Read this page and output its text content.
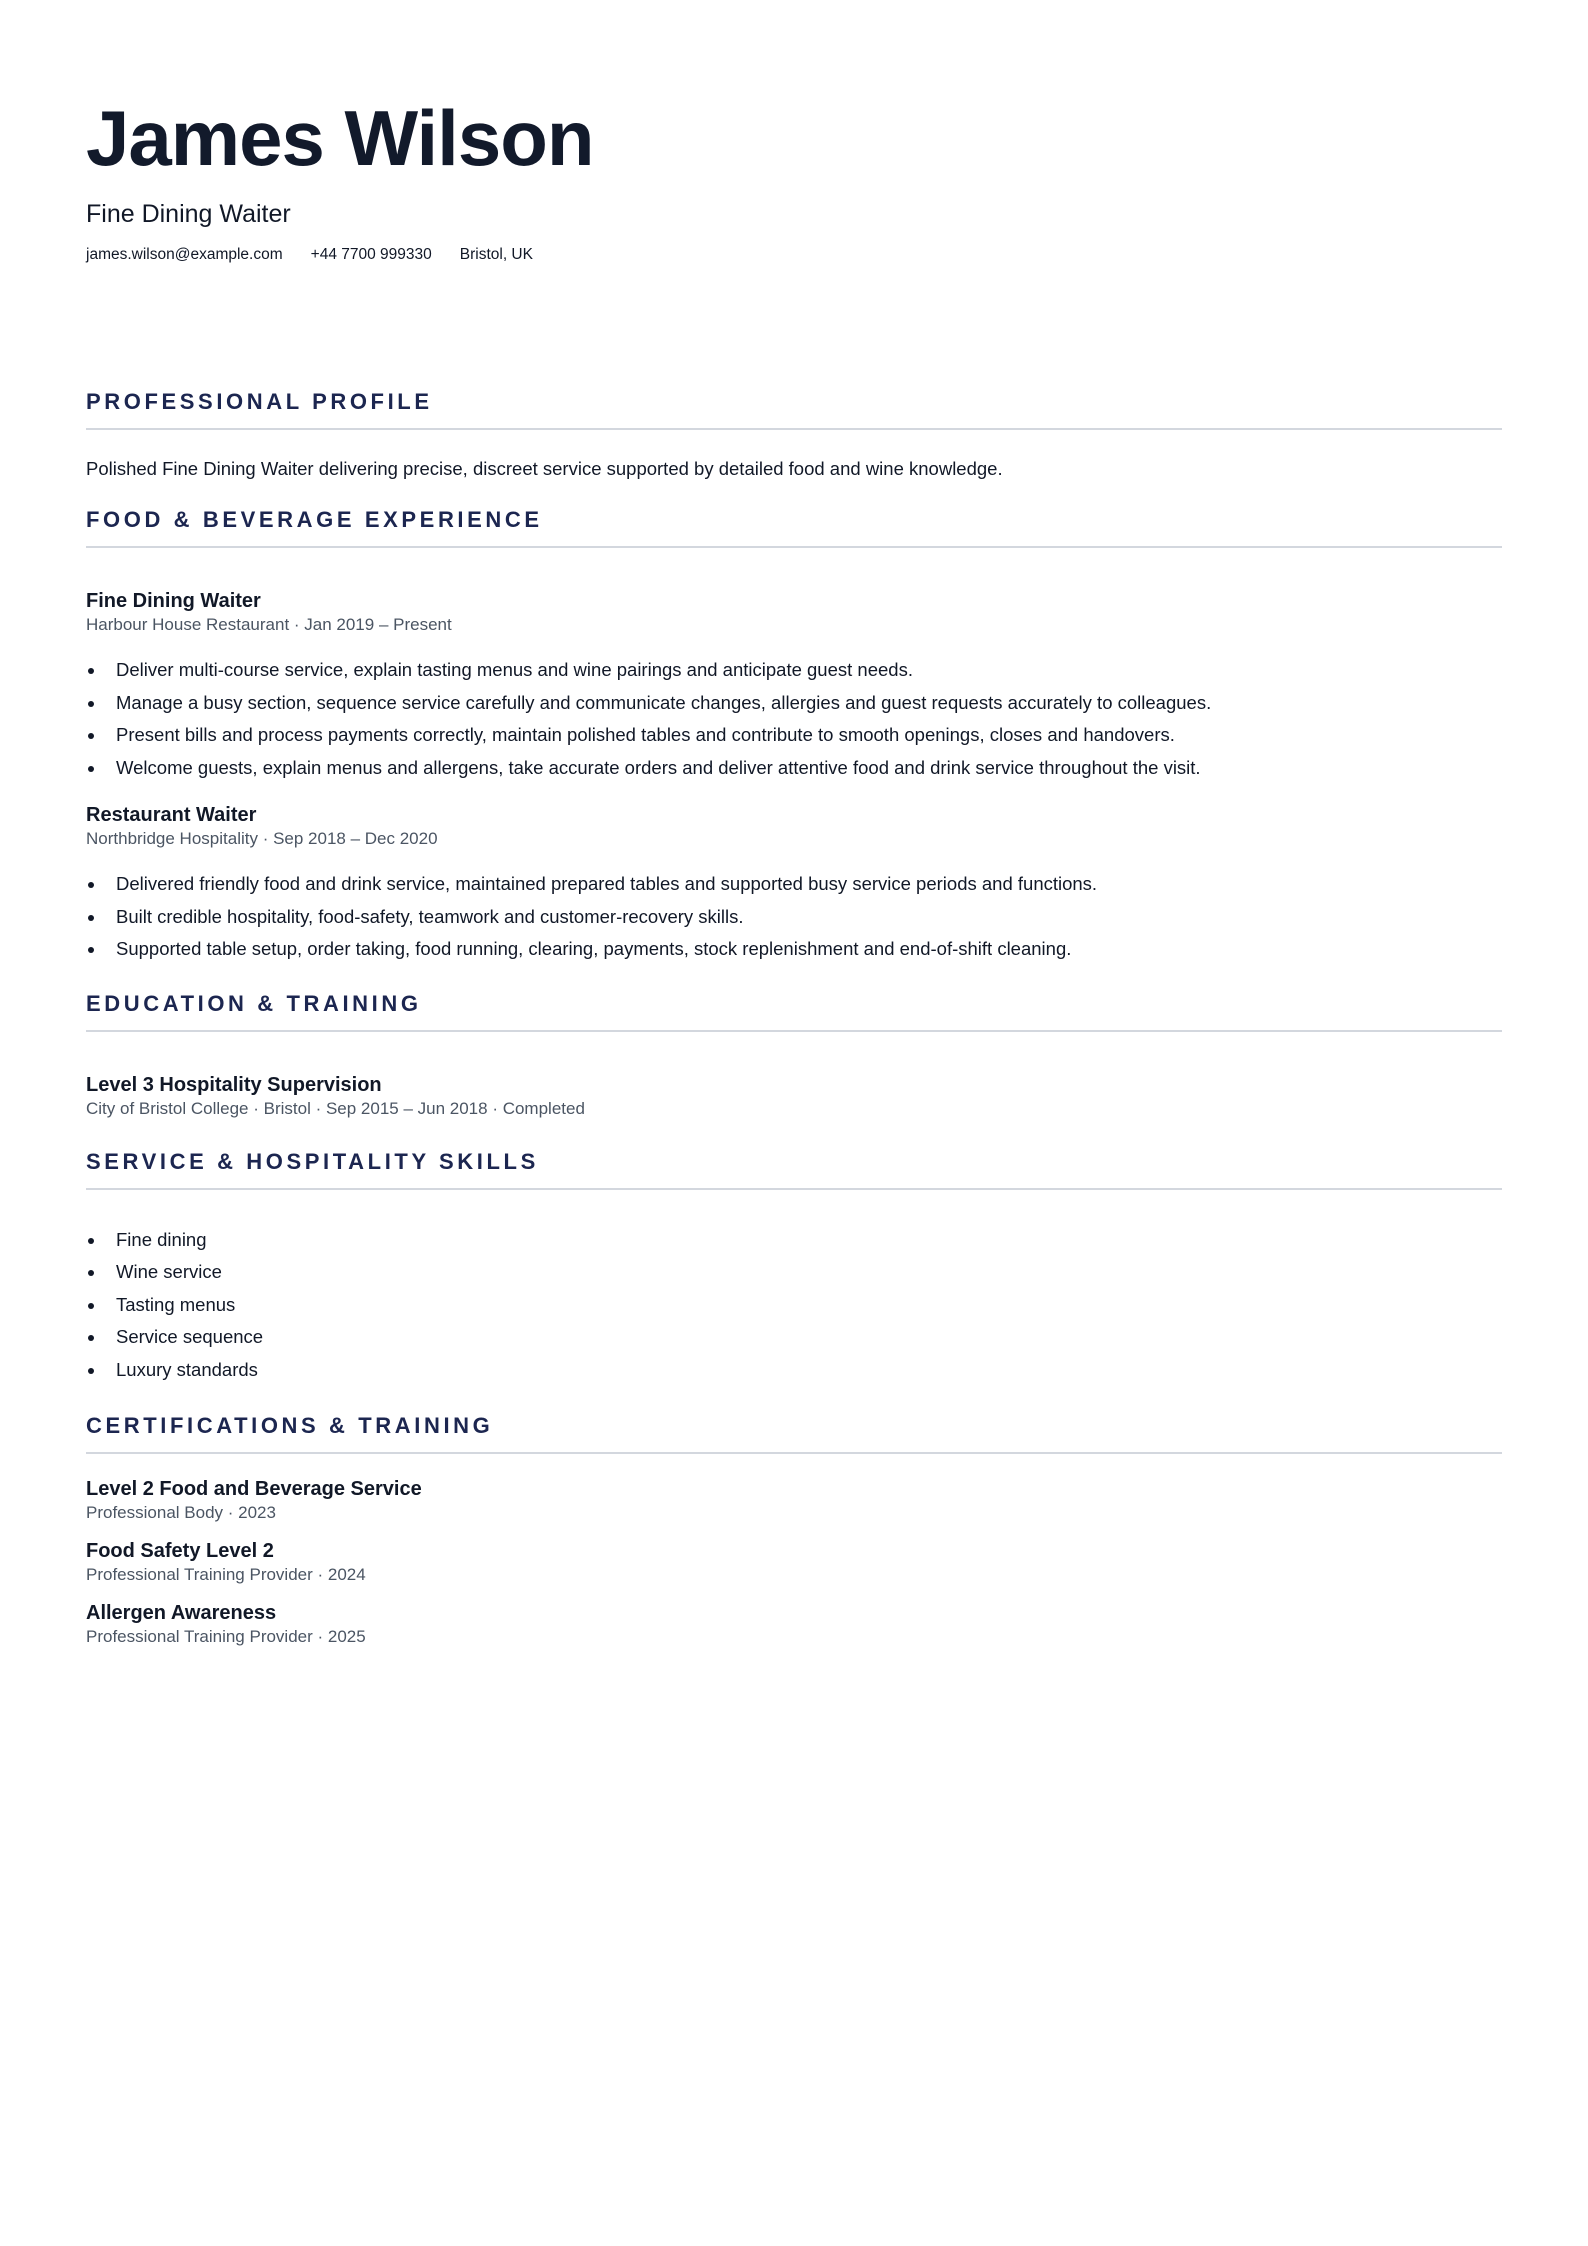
James Wilson
Fine Dining Waiter
james.wilson@example.com +44 7700 999330 Bristol, UK
PROFESSIONAL PROFILE
Polished Fine Dining Waiter delivering precise, discreet service supported by detailed food and wine knowledge.
FOOD & BEVERAGE EXPERIENCE
Fine Dining Waiter
Harbour House Restaurant · Jan 2019 – Present
Deliver multi-course service, explain tasting menus and wine pairings and anticipate guest needs.
Manage a busy section, sequence service carefully and communicate changes, allergies and guest requests accurately to colleagues.
Present bills and process payments correctly, maintain polished tables and contribute to smooth openings, closes and handovers.
Welcome guests, explain menus and allergens, take accurate orders and deliver attentive food and drink service throughout the visit.
Restaurant Waiter
Northbridge Hospitality · Sep 2018 – Dec 2020
Delivered friendly food and drink service, maintained prepared tables and supported busy service periods and functions.
Built credible hospitality, food-safety, teamwork and customer-recovery skills.
Supported table setup, order taking, food running, clearing, payments, stock replenishment and end-of-shift cleaning.
EDUCATION & TRAINING
Level 3 Hospitality Supervision
City of Bristol College · Bristol · Sep 2015 – Jun 2018 · Completed
SERVICE & HOSPITALITY SKILLS
Fine dining
Wine service
Tasting menus
Service sequence
Luxury standards
CERTIFICATIONS & TRAINING
Level 2 Food and Beverage Service
Professional Body · 2023
Food Safety Level 2
Professional Training Provider · 2024
Allergen Awareness
Professional Training Provider · 2025
